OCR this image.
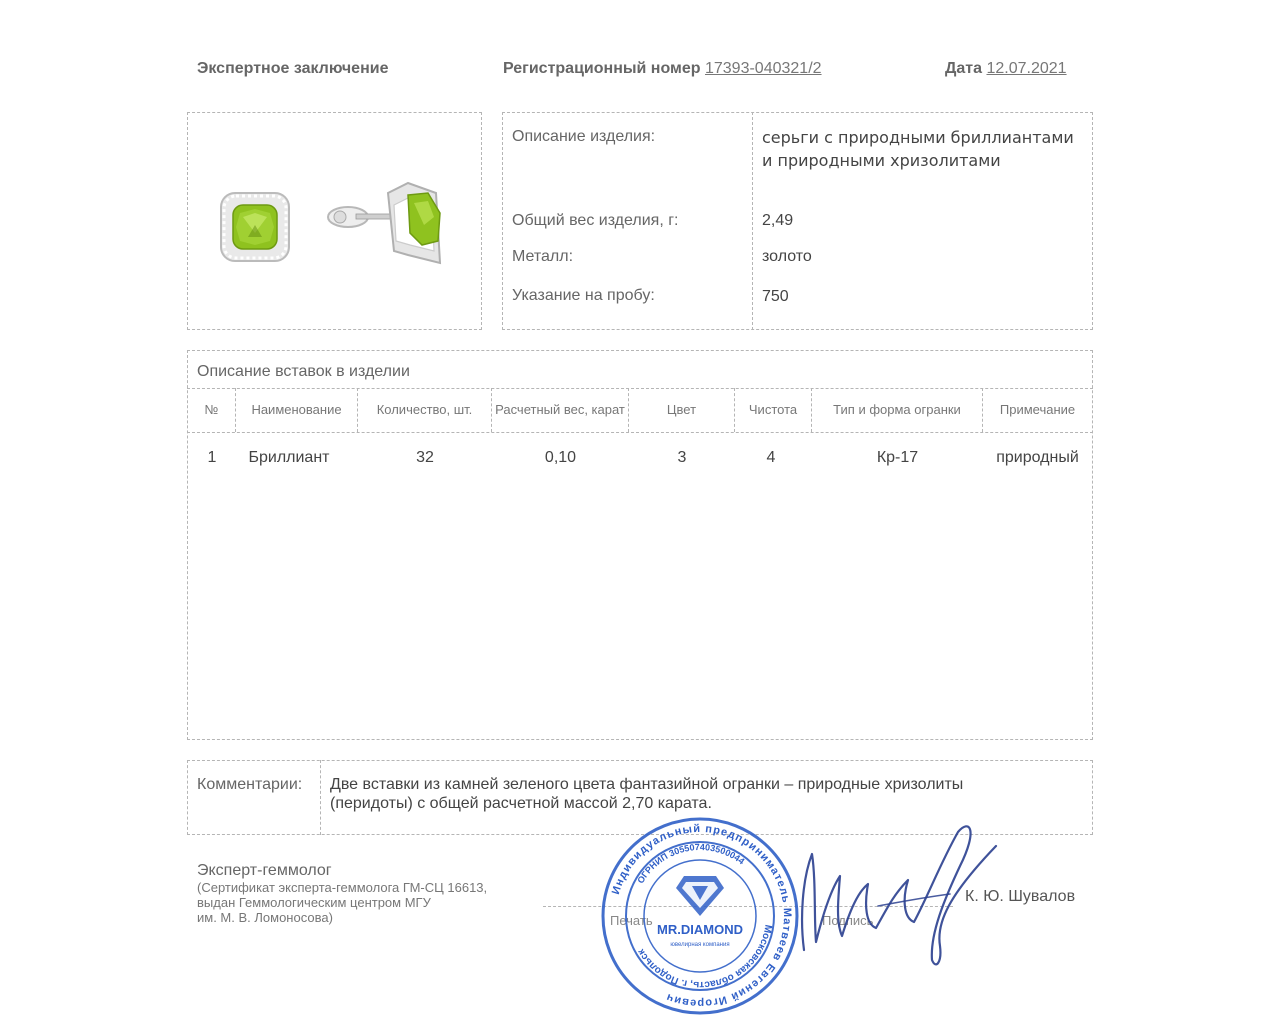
Экспертное заключение	Регистрационный номер 17393-040321/2	Дата 12.07.2021
Описание изделия:	серьги с природными бриллиантами
и природными хризолитами
Общий вес изделия, г:	2,49
Металл:	золото
Указание на пробу:	750
Описание вставок в изделии
№	Наименование	Количество, шт.	Расчетный вес, карат	Цвет	Чистота	Тип и форма огранки	Примечание
1	Бриллиант	32	0,10	3	4	Кр-17	природный
Комментарии: Две вставки из камней зеленого цвета фантазийной огранки – природные хризолиты
(перидоты) с общей расчетной массой 2,70 карата.
Эксперт-геммолог
(Сертификат эксперта-геммолога ГМ-СЦ 16613,
выдан Геммологическим центром МГУ
им. М. В. Ломоносова)	Печать	Подпись
К. Ю. Шувалов
Индивидуальный предприниматель Матвеев Евгений Игоревич
Московская область, г. Подольск
ОГРНИП 305507403500044
MR.DIAMOND
ювелирная компания
